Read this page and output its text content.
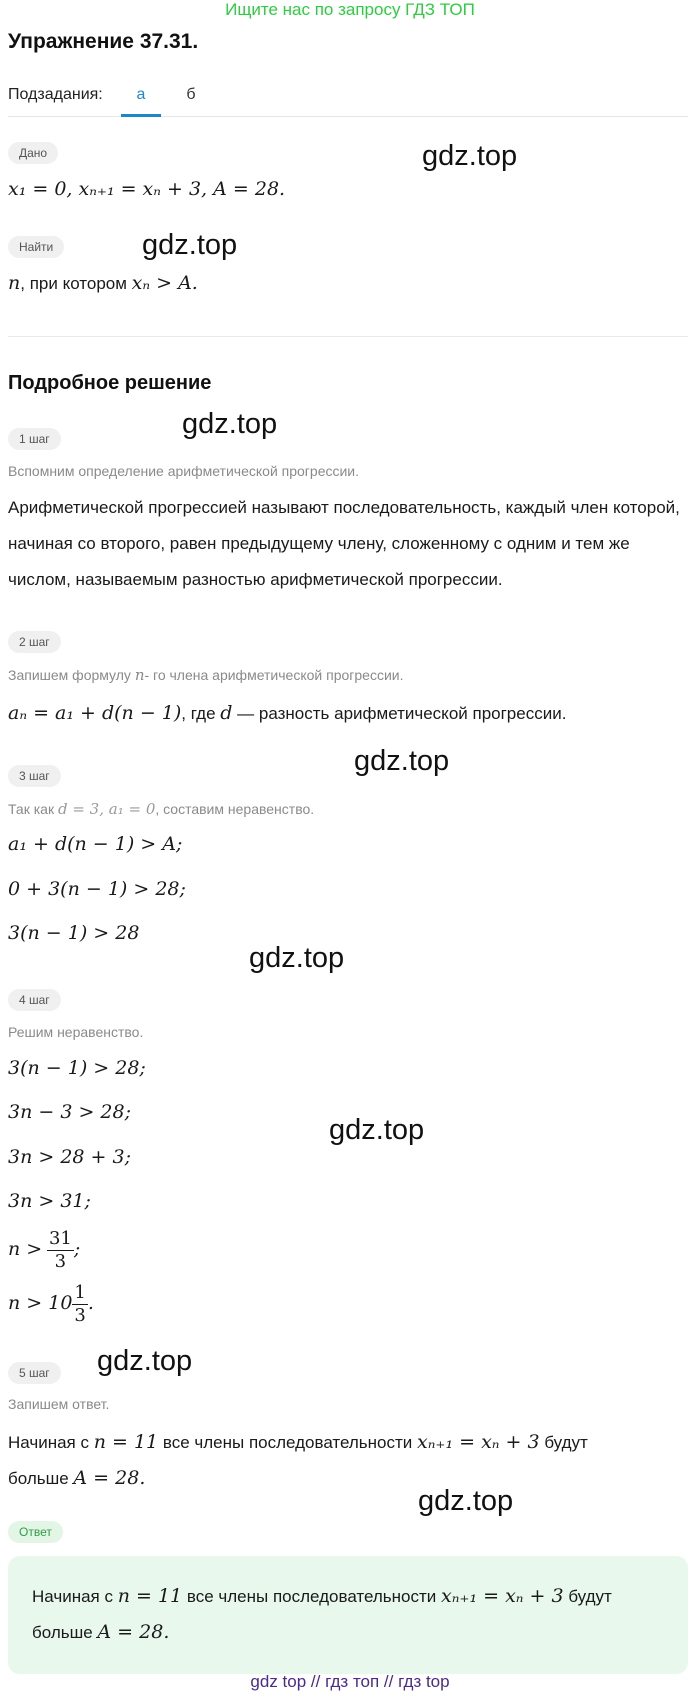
Ищите нас по запросу ГДЗ ТОП
Упражнение 37.31.
Подзадания:	а	б
Дано
x₁ = 0, xₙ₊₁ = xₙ + 3, A = 28.
Найти
n, при котором xₙ > A.
Подробное решение
1 шаг
Вспомним определение арифметической прогрессии.
Арифметической прогрессией называют последовательность, каждый член которой, начиная со второго, равен предыдущему члену, сложенному с одним и тем же числом, называемым разностью арифметической прогрессии.
2 шаг
Запишем формулу n- го члена арифметической прогрессии.
aₙ = a₁ + d(n − 1), где d — разность арифметической прогрессии.
3 шаг
Так как d = 3, a₁ = 0, составим неравенство.
a₁ + d(n − 1) > A;
0 + 3(n − 1) > 28;
3(n − 1) > 28
4 шаг
Решим неравенство.
3(n − 1) > 28;
3n − 3 > 28;
3n > 28 + 3;
3n > 31;
$n > \frac{31}{3}$ ;
$n > 10 \frac{1}{3}$ .
5 шаг
Запишем ответ.
Начиная с n = 11 все члены последовательности xₙ₊₁ = xₙ + 3 будут
больше A = 28.
Ответ
Начиная с n = 11 все члены последовательности xₙ₊₁ = xₙ + 3 будут
больше A = 28.
gdz.top
gdz.top
gdz.top
gdz.top
gdz.top
gdz.top
gdz.top
gdz.top
gdz top // гдз топ // гдз top
